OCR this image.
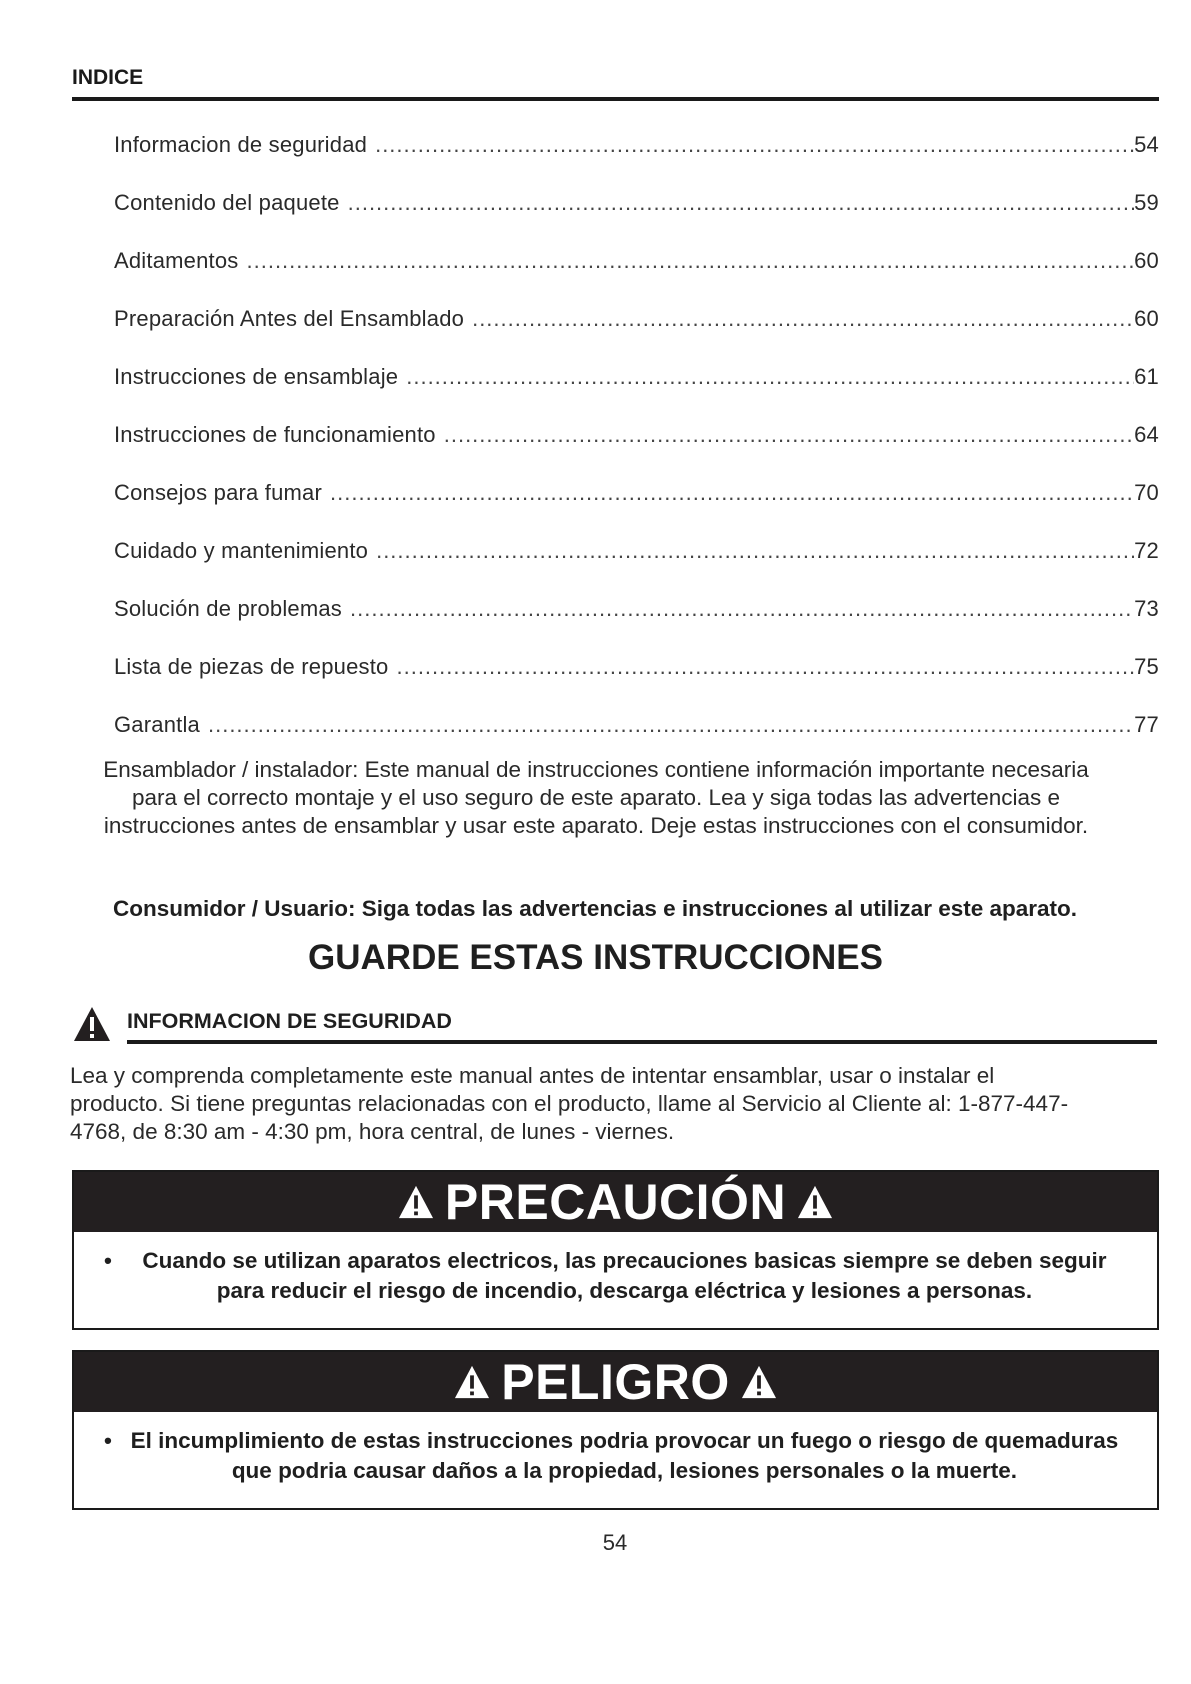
INDICE
Informacion de seguridad .....	54
Contenido del paquete .....	59
Aditamentos .....	60
Preparación Antes del Ensamblado .....	60
Instrucciones de ensamblaje .....	61
Instrucciones de funcionamiento .....	64
Consejos para fumar .....	70
Cuidado y mantenimiento .....	72
Solución de problemas .....	73
Lista de piezas de repuesto .....	75
Garantla .....	77

Ensamblador / instalador: Este manual de instrucciones contiene información importante necesaria para el correcto montaje y el uso seguro de este aparato. Lea y siga todas las advertencias e instrucciones antes de ensamblar y usar este aparato. Deje estas instrucciones con el consumidor.

Consumidor / Usuario: Siga todas las advertencias e instrucciones al utilizar este aparato.

GUARDE ESTAS INSTRUCCIONES
INFORMACION DE SEGURIDAD

Lea y comprenda completamente este manual antes de intentar ensamblar, usar o instalar el producto. Si tiene preguntas relacionadas con el producto, llame al Servicio al Cliente al: 1-877-447-4768, de 8:30 am - 4:30 pm, hora central, de lunes - viernes.

PRECAUCIÓN
•	Cuando se utilizan aparatos electricos, las precauciones basicas siempre se deben seguir para reducir el riesgo de incendio, descarga eléctrica y lesiones a personas.
PELIGRO
• El incumplimiento de estas instrucciones podria provocar un fuego o riesgo de quemaduras que podria causar daños a la propiedad, lesiones personales o la muerte.
54
